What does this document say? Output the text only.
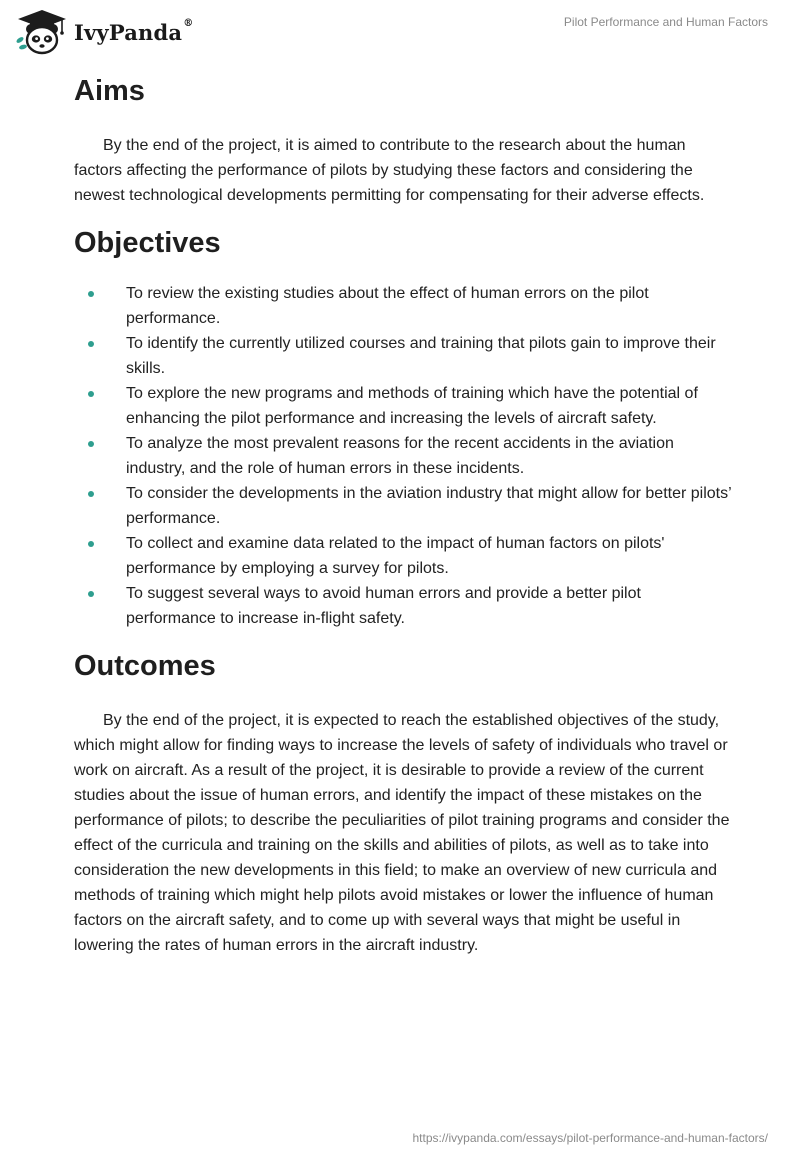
IvyPanda®	Pilot Performance and Human Factors
Aims

By the end of the project, it is aimed to contribute to the research about the human factors affecting the performance of pilots by studying these factors and considering the newest technological developments permitting for compensating for their adverse effects.

Objectives
To review the existing studies about the effect of human errors on the pilot performance.
To identify the currently utilized courses and training that pilots gain to improve their skills.
To explore the new programs and methods of training which have the potential of enhancing the pilot performance and increasing the levels of aircraft safety.
To analyze the most prevalent reasons for the recent accidents in the aviation industry, and the role of human errors in these incidents.
To consider the developments in the aviation industry that might allow for better pilots’ performance.
To collect and examine data related to the impact of human factors on pilots' performance by employing a survey for pilots.
To suggest several ways to avoid human errors and provide a better pilot performance to increase in-flight safety.
Outcomes

By the end of the project, it is expected to reach the established objectives of the study, which might allow for finding ways to increase the levels of safety of individuals who travel or work on aircraft. As a result of the project, it is desirable to provide a review of the current studies about the issue of human errors, and identify the impact of these mistakes on the performance of pilots; to describe the peculiarities of pilot training programs and consider the effect of the curricula and training on the skills and abilities of pilots, as well as to take into consideration the new developments in this field; to make an overview of new curricula and methods of training which might help pilots avoid mistakes or lower the influence of human factors on the aircraft safety, and to come up with several ways that might be useful in lowering the rates of human errors in the aircraft industry.

https://ivypanda.com/essays/pilot-performance-and-human-factors/
